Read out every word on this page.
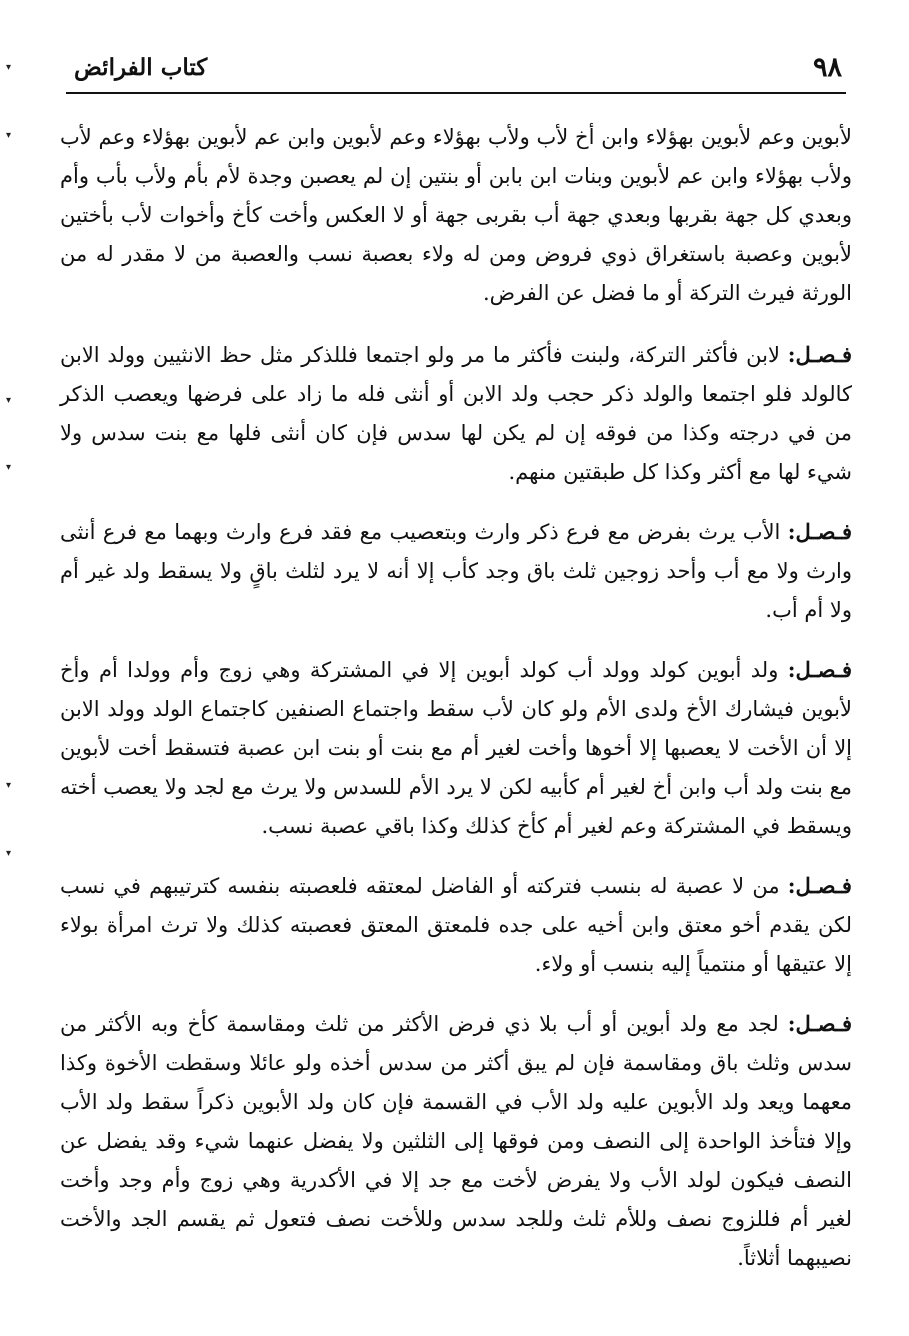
٩٨
كتاب الفرائض
▾
▾
▾
▾
▾
▾

لأبوين وعم لأبوين بهؤلاء وابن أخ لأب ولأب بهؤلاء وعم لأبوين وابن عم لأبوين بهؤلاء وعم لأب ولأب بهؤلاء وابن عم لأبوين وبنات ابن بابن أو بنتين إن لم يعصبن وجدة لأم بأم ولأب بأب وأم وبعدي كل جهة بقربها وبعدي جهة أب بقربى جهة أو لا العكس وأخت كأخ وأخوات لأب بأختين لأبوين وعصبة باستغراق ذوي فروض ومن له ولاء بعصبة نسب والعصبة من لا مقدر له من الورثة فيرث التركة أو ما فضل عن الفرض.

فـصـل: لابن فأكثر التركة، ولبنت فأكثر ما مر ولو اجتمعا فللذكر مثل حظ الانثيين وولد الابن كالولد فلو اجتمعا والولد ذكر حجب ولد الابن أو أنثى فله ما زاد على فرضها ويعصب الذكر من في درجته وكذا من فوقه إن لم يكن لها سدس فإن كان أنثى فلها مع بنت سدس ولا شيء لها مع أكثر وكذا كل طبقتين منهم.

فـصـل: الأب يرث بفرض مع فرع ذكر وارث وبتعصيب مع فقد فرع وارث وبهما مع فرع أنثى وارث ولا مع أب وأحد زوجين ثلث باق وجد كأب إلا أنه لا يرد لثلث باقٍ ولا يسقط ولد غير أم ولا أم أب.

فـصـل: ولد أبوين كولد وولد أب كولد أبوين إلا في المشتركة وهي زوج وأم وولدا أم وأخ لأبوين فيشارك الأخ ولدى الأم ولو كان لأب سقط واجتماع الصنفين كاجتماع الولد وولد الابن إلا أن الأخت لا يعصبها إلا أخوها وأخت لغير أم مع بنت أو بنت ابن عصبة فتسقط أخت لأبوين مع بنت ولد أب وابن أخ لغير أم كأبيه لكن لا يرد الأم للسدس ولا يرث مع لجد ولا يعصب أخته ويسقط في المشتركة وعم لغير أم كأخ كذلك وكذا باقي عصبة نسب.

فـصـل: من لا عصبة له بنسب فتركته أو الفاضل لمعتقه فلعصبته بنفسه كترتيبهم في نسب لكن يقدم أخو معتق وابن أخيه على جده فلمعتق المعتق فعصبته كذلك ولا ترث امرأة بولاء إلا عتيقها أو منتمياً إليه بنسب أو ولاء.

فـصـل: لجد مع ولد أبوين أو أب بلا ذي فرض الأكثر من ثلث ومقاسمة كأخ وبه الأكثر من سدس وثلث باق ومقاسمة فإن لم يبق أكثر من سدس أخذه ولو عائلا وسقطت الأخوة وكذا معهما ويعد ولد الأبوين عليه ولد الأب في القسمة فإن كان ولد الأبوين ذكراً سقط ولد الأب وإلا فتأخذ الواحدة إلى النصف ومن فوقها إلى الثلثين ولا يفضل عنهما شيء وقد يفضل عن النصف فيكون لولد الأب ولا يفرض لأخت مع جد إلا في الأكدرية وهي زوج وأم وجد وأخت لغير أم فللزوج نصف وللأم ثلث وللجد سدس وللأخت نصف فتعول ثم يقسم الجد والأخت نصيبهما أثلاثاً.
